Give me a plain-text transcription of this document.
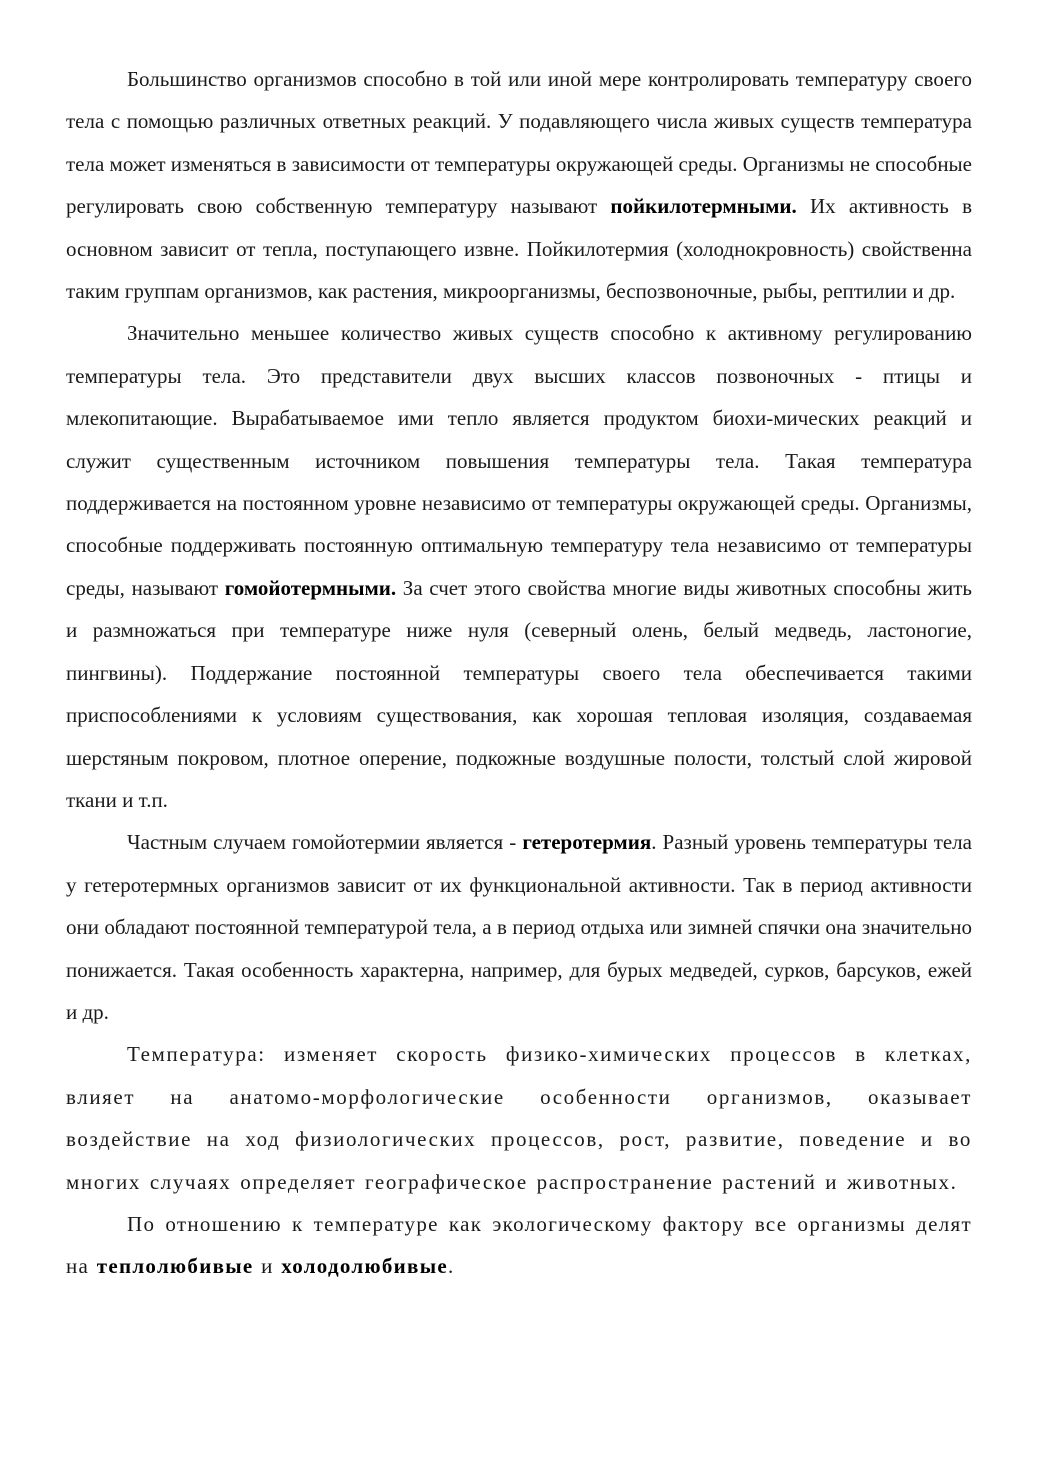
Большинство организмов способно в той или иной мере контролировать температуру своего тела с помощью различных ответных реакций. У подавляющего числа живых существ температура тела может изменяться в зависимости от температуры окружающей среды. Организмы не способные регулировать свою собственную температуру называют пойкилотермными. Их активность в основном зависит от тепла, поступающего извне. Пойкилотермия (холоднокровность) свойственна таким группам организмов, как растения, микроорганизмы, беспозвоночные, рыбы, рептилии и др.

Значительно меньшее количество живых существ способно к активному регулированию температуры тела. Это представители двух высших классов позвоночных - птицы и млекопитающие. Вырабатываемое ими тепло является продуктом биохи-мических реакций и служит существенным источником повышения температуры тела. Такая температура поддерживается на постоянном уровне независимо от температуры окружающей среды. Организмы, способные поддерживать постоянную оптимальную температуру тела независимо от температуры среды, называют гомойотермными. За счет этого свойства многие виды животных способны жить и размножаться при температуре ниже нуля (северный олень, белый медведь, ластоногие, пингвины). Поддержание постоянной температуры своего тела обеспечивается такими приспособлениями к условиям существования, как хорошая тепловая изоляция, создаваемая шерстяным покровом, плотное оперение, подкожные воздушные полости, толстый слой жировой ткани и т.п.

Частным случаем гомойотермии является - гетеротермия. Разный уровень температуры тела у гетеротермных организмов зависит от их функциональной активности. Так в период активности они обладают постоянной температурой тела, а в период отдыха или зимней спячки она значительно понижается. Такая особенность характерна, например, для бурых медведей, сурков, барсуков, ежей и др.

Температура: изменяет скорость физико-химических процессов в клетках, влияет на анатомо-морфологические особенности организмов, оказывает воздействие на ход физиологических процессов, рост, развитие, поведение и во многих случаях определяет географическое распространение растений и животных.

По отношению к температуре как экологическому фактору все организмы делят на теплолюбивые и холодолюбивые.
